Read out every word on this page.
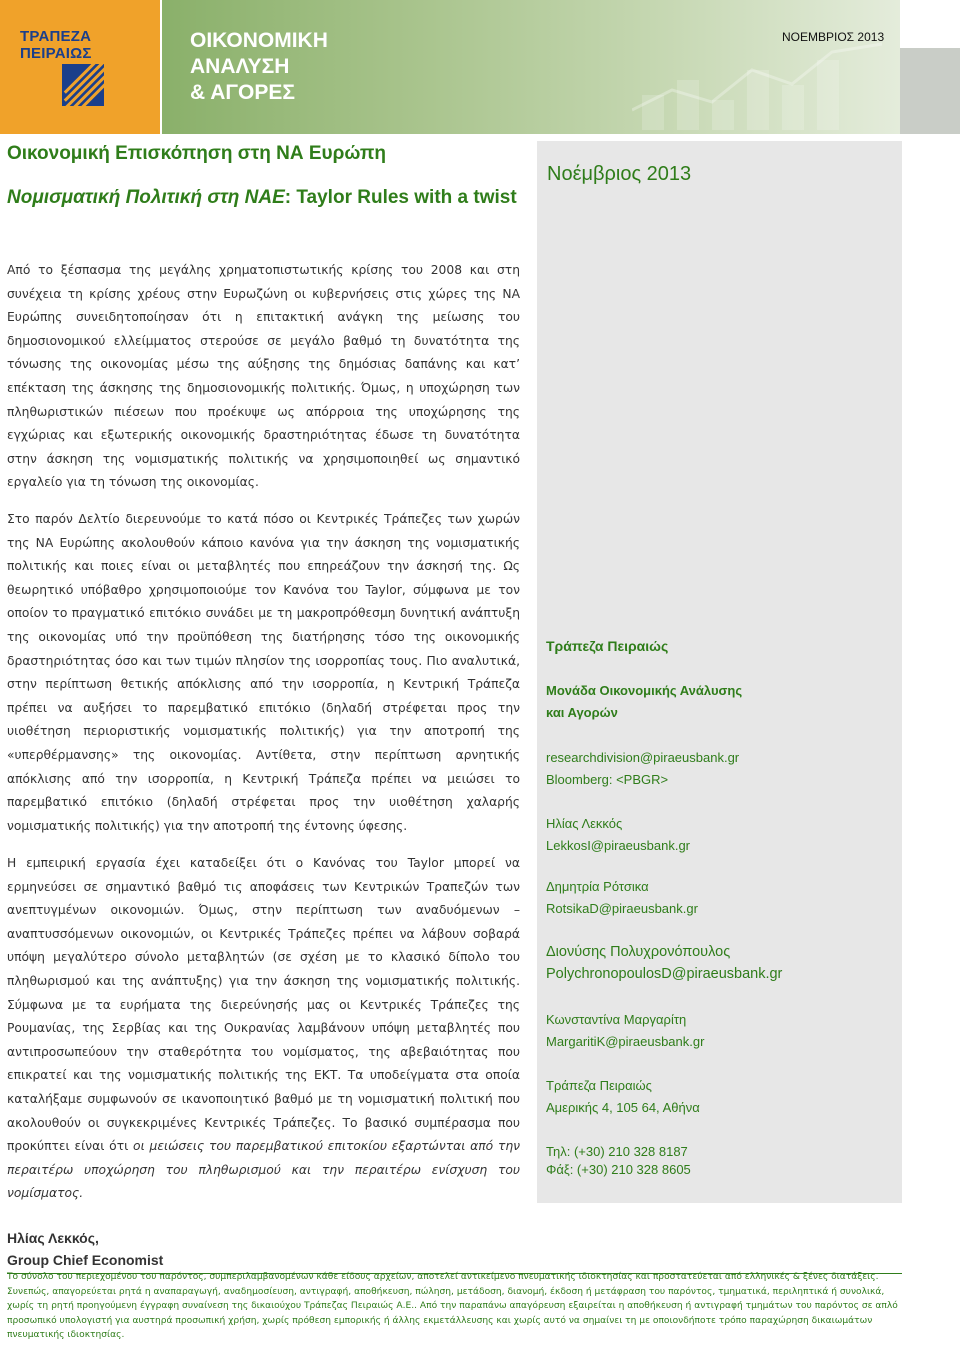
ΤΡΑΠΕΖΑ ΠΕΙΡΑΙΩΣ
ΟΙΚΟΝΟΜΙΚΗ
ΑΝΑΛΥΣΗ
& ΑΓΟΡΕΣ
ΝΟΕΜΒΡΙΟΣ 2013
Οικονομική Επισκόπηση στη ΝΑ Ευρώπη
Νομισματική Πολιτική στη ΝΑΕ: Taylor Rules with a twist
Νοέμβριος 2013
Τράπεζα Πειραιώς
Μονάδα Οικονομικής Ανάλυσης
και Αγορών
researchdivision@piraeusbank.gr
Bloomberg: <PBGR>
Ηλίας Λεκκός
LekkosI@piraeusbank.gr
Δημητρία Ρότσικα
RotsikaD@piraeusbank.gr
Διονύσης Πολυχρονόπουλος
PolychronopoulosD@piraeusbank.gr
Κωνσταντίνα Μαργαρίτη
MargaritiK@piraeusbank.gr
Τράπεζα Πειραιώς
Αμερικής 4, 105 64, Αθήνα
Τηλ: (+30) 210 328 8187
Φάξ: (+30) 210 328 8605
Από το ξέσπασμα της μεγάλης χρηματοπιστωτικής κρίσης του 2008 και στη συνέχεια τη κρίσης χρέους στην Ευρωζώνη οι κυβερνήσεις στις χώρες της ΝΑ Ευρώπης συνειδητοποίησαν ότι η επιτακτική ανάγκη της μείωσης του δημοσιονομικού ελλείμματος στερούσε σε μεγάλο βαθμό τη δυνατότητα της τόνωσης της οικονομίας μέσω της αύξησης της δημόσιας δαπάνης και κατ’ επέκταση της άσκησης της δημοσιονομικής πολιτικής. Όμως, η υποχώρηση των πληθωριστικών πιέσεων που προέκυψε ως απόρροια της υποχώρησης της εγχώριας και εξωτερικής οικονομικής δραστηριότητας έδωσε τη δυνατότητα στην άσκηση της νομισματικής πολιτικής να χρησιμοποιηθεί ως σημαντικό εργαλείο για τη τόνωση της οικονομίας.
Στο παρόν Δελτίο διερευνούμε το κατά πόσο οι Κεντρικές Τράπεζες των χωρών της ΝΑ Ευρώπης ακολουθούν κάποιο κανόνα για την άσκηση της νομισματικής πολιτικής και ποιες είναι οι μεταβλητές που επηρεάζουν την άσκησή της. Ως θεωρητικό υπόβαθρο χρησιμοποιούμε τον Κανόνα του Taylor, σύμφωνα με τον οποίον το πραγματικό επιτόκιο συνάδει με τη μακροπρόθεσμη δυνητική ανάπτυξη της οικονομίας υπό την προϋπόθεση της διατήρησης τόσο της οικονομικής δραστηριότητας όσο και των τιμών πλησίον της ισορροπίας τους. Πιο αναλυτικά, στην περίπτωση θετικής απόκλισης από την ισορροπία, η Κεντρική Τράπεζα πρέπει να αυξήσει το παρεμβατικό επιτόκιο (δηλαδή στρέφεται προς την υιοθέτηση περιοριστικής νομισματικής πολιτικής) για την αποτροπή της «υπερθέρμανσης» της οικονομίας. Αντίθετα, στην περίπτωση αρνητικής απόκλισης από την ισορροπία, η Κεντρική Τράπεζα πρέπει να μειώσει το παρεμβατικό επιτόκιο (δηλαδή στρέφεται προς την υιοθέτηση χαλαρής νομισματικής πολιτικής) για την αποτροπή της έντονης ύφεσης.
Η εμπειρική εργασία έχει καταδείξει ότι ο Κανόνας του Taylor μπορεί να ερμηνεύσει σε σημαντικό βαθμό τις αποφάσεις των Κεντρικών Τραπεζών των ανεπτυγμένων οικονομιών. Όμως, στην περίπτωση των αναδυόμενων – αναπτυσσόμενων οικονομιών, οι Κεντρικές Τράπεζες πρέπει να λάβουν σοβαρά υπόψη μεγαλύτερο σύνολο μεταβλητών (σε σχέση με το κλασικό δίπολο του πληθωρισμού και της ανάπτυξης) για την άσκηση της νομισματικής πολιτικής. Σύμφωνα με τα ευρήματα της διερεύνησής μας οι Κεντρικές Τράπεζες της Ρουμανίας, της Σερβίας και της Ουκρανίας λαμβάνουν υπόψη μεταβλητές που αντιπροσωπεύουν την σταθερότητα του νομίσματος, της αβεβαιότητας που επικρατεί και της νομισματικής πολιτικής της ΕΚΤ. Τα υποδείγματα στα οποία καταλήξαμε συμφωνούν σε ικανοποιητικό βαθμό με τη νομισματική πολιτική που ακολουθούν οι συγκεκριμένες Κεντρικές Τράπεζες. Το βασικό συμπέρασμα που προκύπτει είναι ότι οι μειώσεις του παρεμβατικού επιτοκίου εξαρτώνται από την περαιτέρω υποχώρηση του πληθωρισμού και την περαιτέρω ενίσχυση του νομίσματος.
Ηλίας Λεκκός,
Group Chief Economist
Το σύνολο του περιεχομένου του παρόντος, συμπεριλαμβανομένων κάθε είδους αρχείων, αποτελεί αντικείμενο πνευματικής ιδιοκτησίας και προστατεύεται από ελληνικές & ξένες διατάξεις. Συνεπώς, απαγορεύεται ρητά η αναπαραγωγή, αναδημοσίευση, αντιγραφή, αποθήκευση, πώληση, μετάδοση, διανομή, έκδοση ή μετάφραση του παρόντος, τμηματικά, περιληπτικά ή συνολικά, χωρίς τη ρητή προηγούμενη έγγραφη συναίνεση της δικαιούχου Τράπεζας Πειραιώς Α.Ε.. Από την παραπάνω απαγόρευση εξαιρείται η αποθήκευση ή αντιγραφή τμημάτων του παρόντος σε απλό προσωπικό υπολογιστή για αυστηρά προσωπική χρήση, χωρίς πρόθεση εμπορικής ή άλλης εκμετάλλευσης και χωρίς αυτό να σημαίνει τη με οποιονδήποτε τρόπο παραχώρηση δικαιωμάτων πνευματικής ιδιοκτησίας.
